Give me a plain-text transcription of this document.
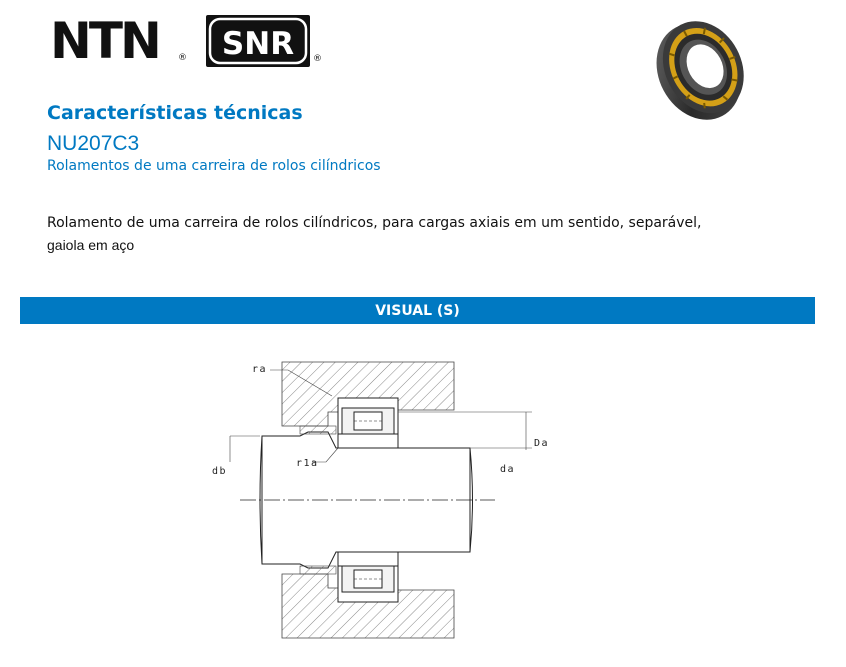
NTN ® SNR ®
Características técnicas
NU207C3
Rolamentos de uma carreira de rolos cilíndricos
Rolamento de uma carreira de rolos cilíndricos, para cargas axiais em um sentido, separável,
gaiola em aço
VISUAL (S)
ra
r1a
db
Da
da
